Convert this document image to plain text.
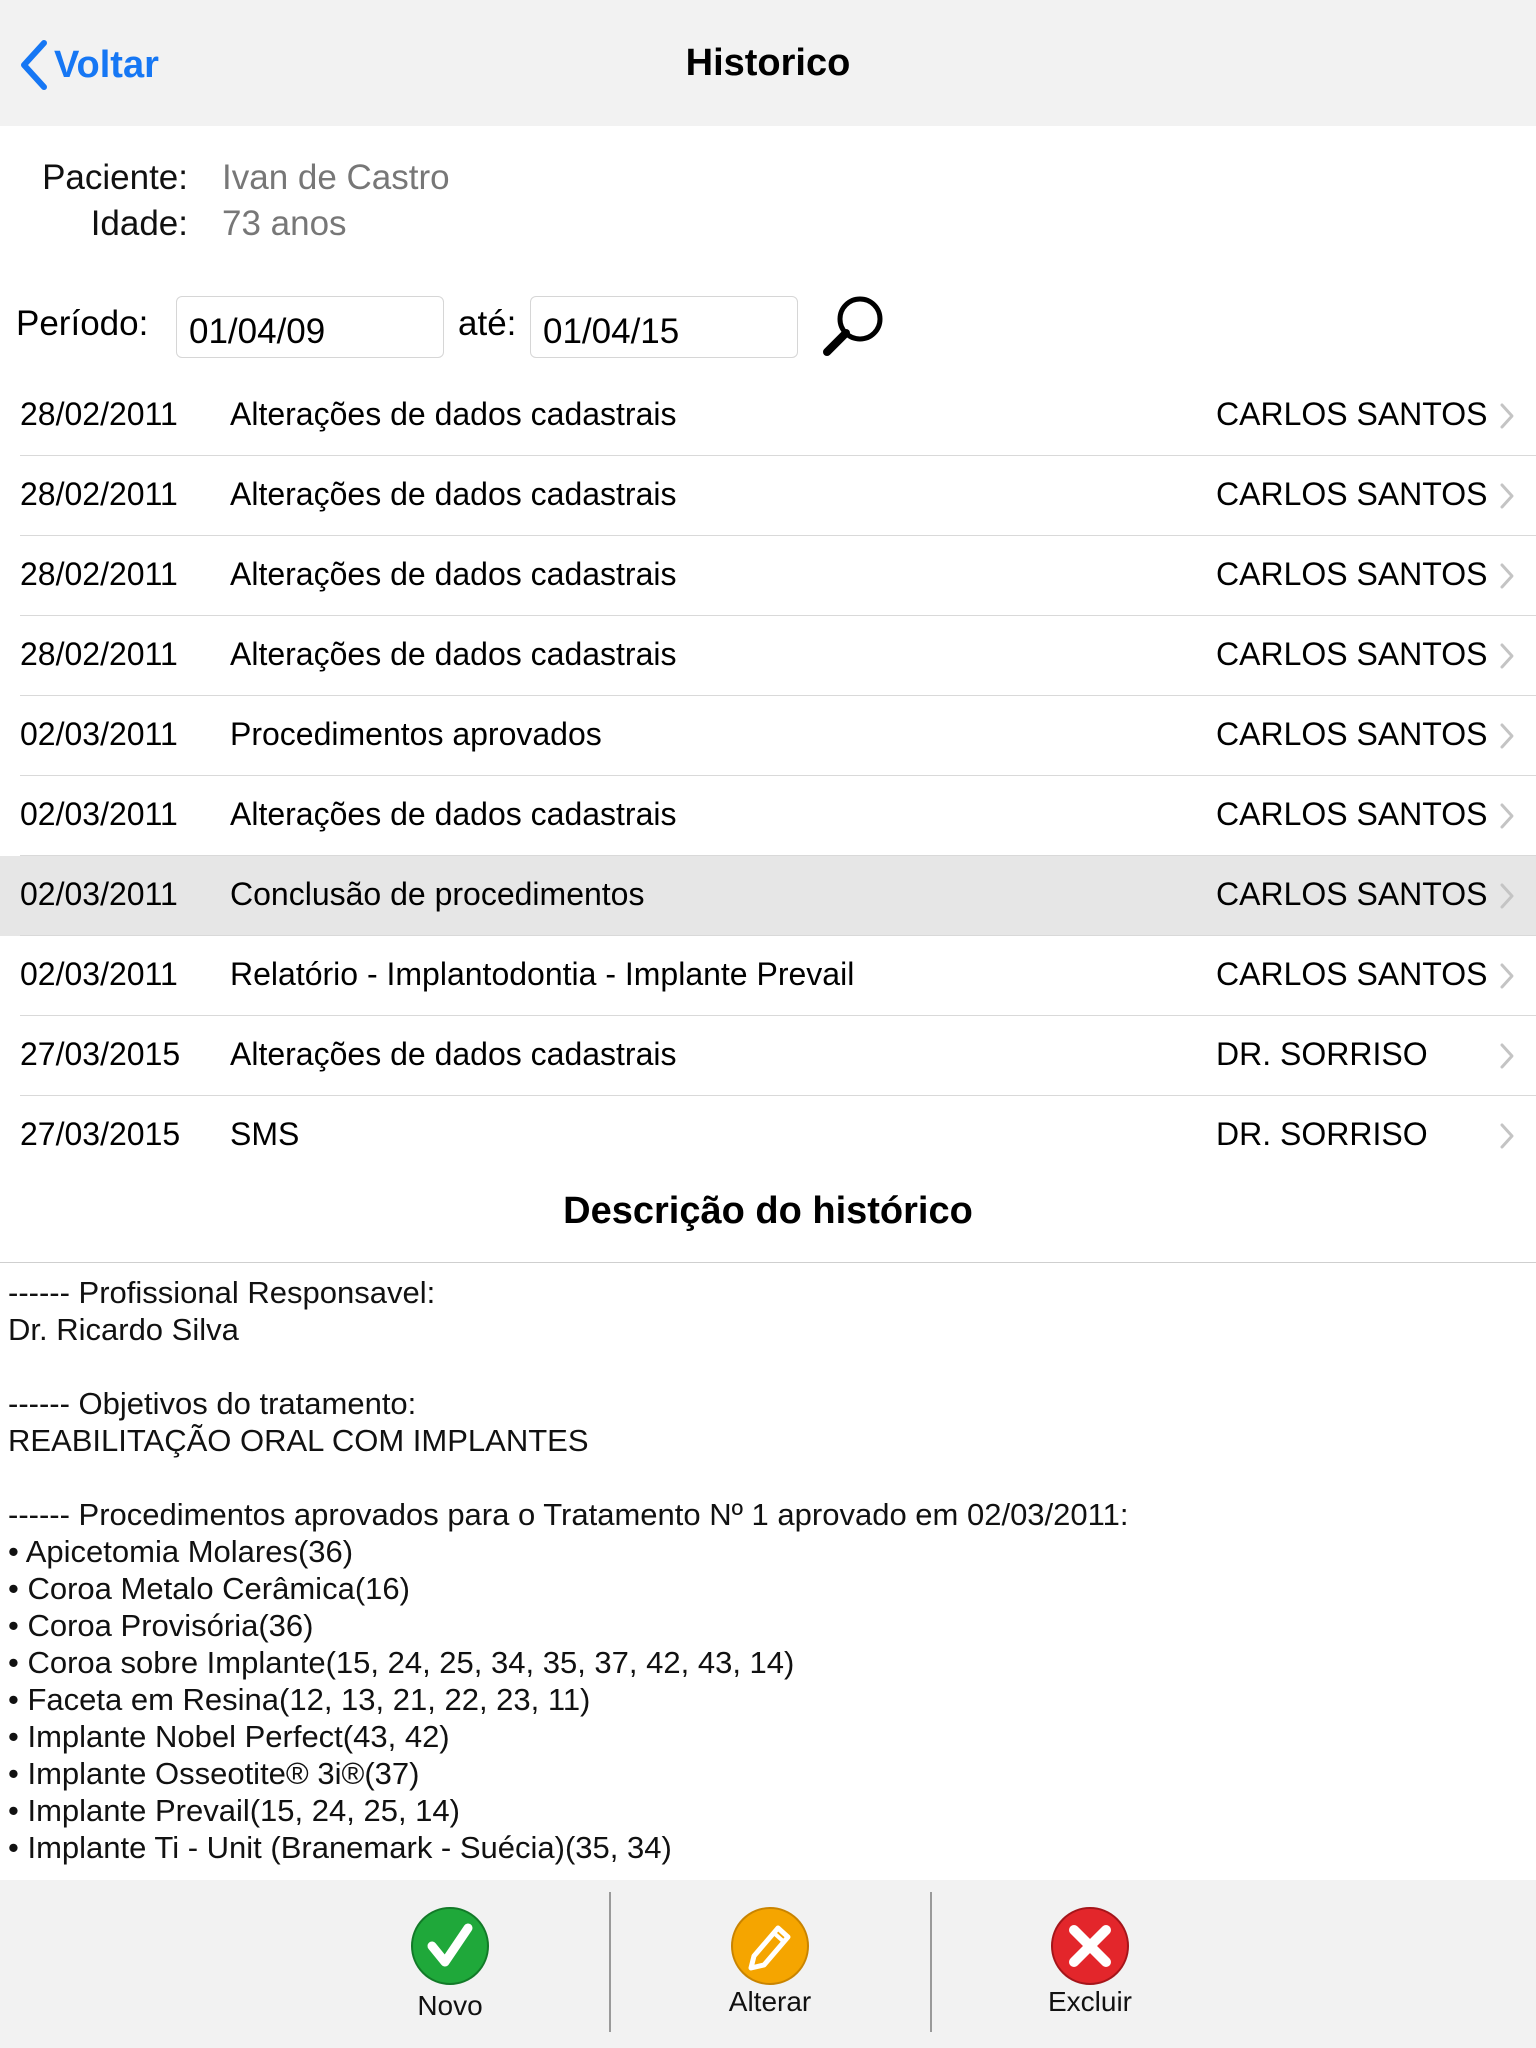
Voltar	Historico
Paciente: Ivan de Castro
Idade: 73 anos
Período:
01/04/09	até:
01/04/15
28/02/2011 Alterações de dados cadastrais	CARLOS SANTOS
28/02/2011 Alterações de dados cadastrais	CARLOS SANTOS
28/02/2011 Alterações de dados cadastrais	CARLOS SANTOS
28/02/2011 Alterações de dados cadastrais	CARLOS SANTOS
02/03/2011 Procedimentos aprovados	CARLOS SANTOS
02/03/2011 Alterações de dados cadastrais	CARLOS SANTOS
02/03/2011 Conclusão de procedimentos	CARLOS SANTOS
02/03/2011 Relatório - Implantodontia - Implante Prevail	CARLOS SANTOS
27/03/2015 Alterações de dados cadastrais	DR. SORRISO
27/03/2015 SMS	DR. SORRISO
Descrição do histórico

------ Profissional Responsavel:

Dr. Ricardo Silva

------ Objetivos do tratamento:

REABILITAÇÃO ORAL COM IMPLANTES

------ Procedimentos aprovados para o Tratamento Nº 1 aprovado em 02/03/2011:

• Apicetomia Molares(36)

• Coroa Metalo Cerâmica(16)

• Coroa Provisória(36)

• Coroa sobre Implante(15, 24, 25, 34, 35, 37, 42, 43, 14)

• Faceta em Resina(12, 13, 21, 22, 23, 11)

• Implante Nobel Perfect(43, 42)

• Implante Osseotite® 3i®(37)

• Implante Prevail(15, 24, 25, 14)

• Implante Ti - Unit (Branemark - Suécia)(35, 34)

Novo	Alterar	Excluir
